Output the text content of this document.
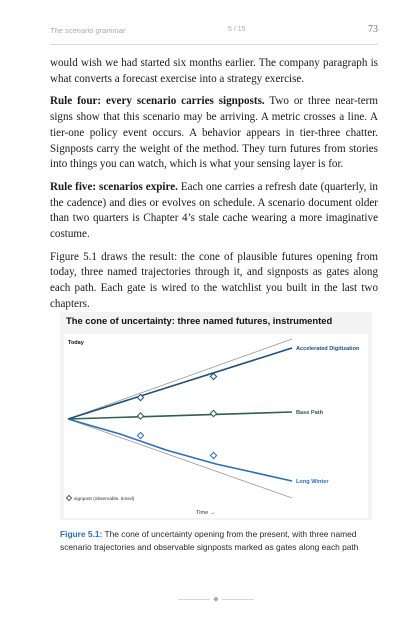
The scenario grammar	5 / 15	73

would wish we had started six months earlier. The company paragraph is what converts a forecast exercise into a strategy exercise.

Rule four: every scenario carries signposts. Two or three near-term signs show that this scenario may be arriving. A metric crosses a line. A tier-one policy event occurs. A behavior appears in tier-three chatter. Signposts carry the weight of the method. They turn futures from stories into things you can watch, which is what your sensing layer is for.

Rule five: scenarios expire. Each one carries a refresh date (quarterly, in the cadence) and dies or evolves on schedule. A scenario document older than two quarters is Chapter 4’s stale cache wearing a more imaginative costume.

Figure 5.1 draws the result: the cone of plausible futures opening from today, three named trajectories through it, and signposts as gates along each path. Each gate is wired to the watchlist you built in the last two chapters.

The cone of uncertainty: three named futures, instrumented
Today
Accelerated Digitization
Base Path
Long Winter
signpost (observable, timed)
Time →
Figure 5.1: The cone of uncertainty opening from the present, with three named scenario trajectories and observable signposts marked as gates along each path
◆
